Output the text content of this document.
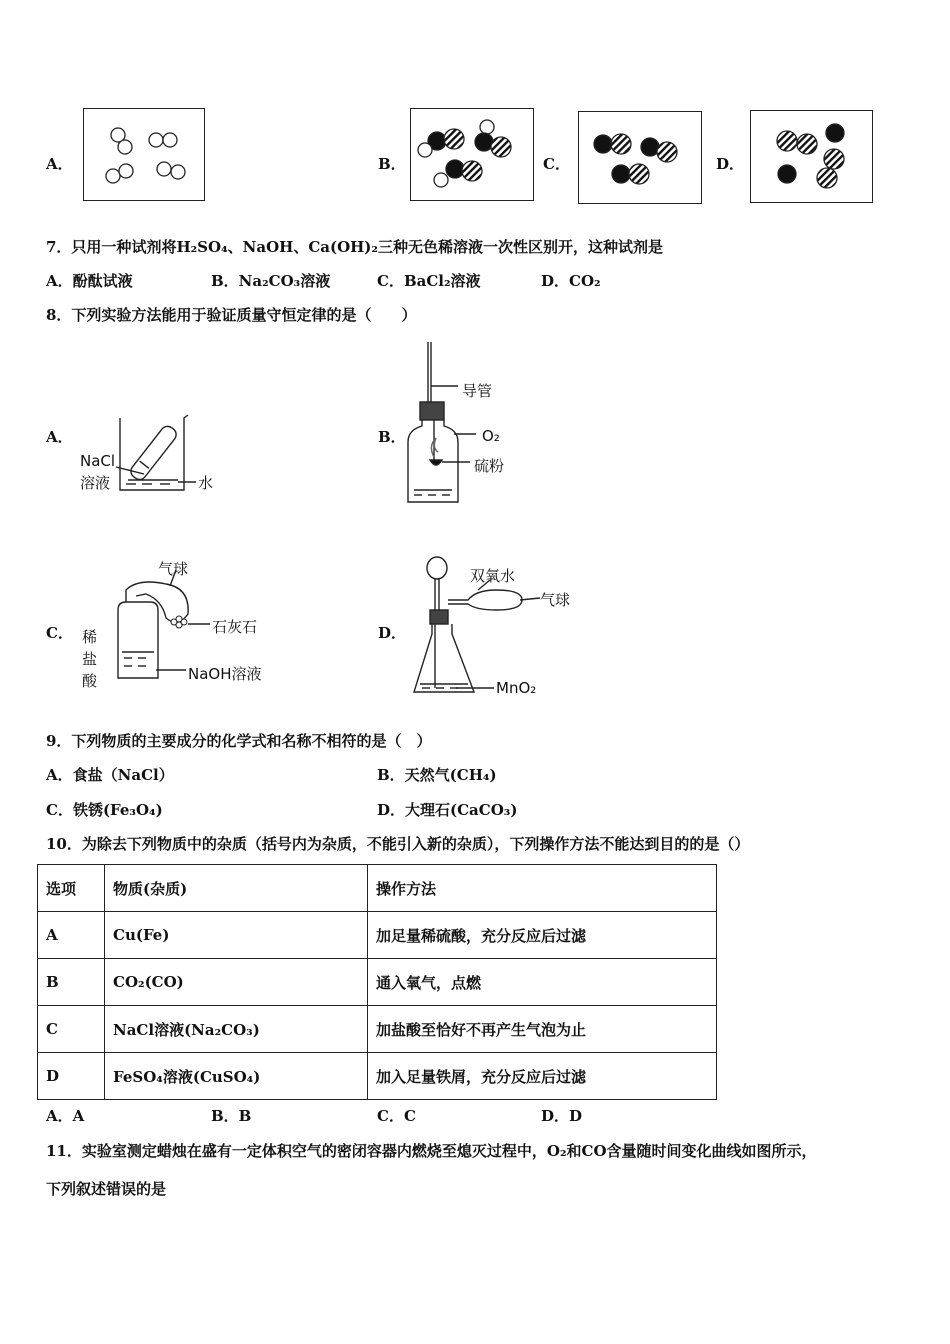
A．	B．	C．	D．
7．只用一种试剂将H₂SO₄、NaOH、Ca(OH)₂三种无色稀溶液一次性区别开，这种试剂是
A．酚酞试液	B．Na₂CO₃溶液	C．BaCl₂溶液	D．CO₂
8．下列实验方法能用于验证质量守恒定律的是（　　）
A．
NaCl
溶液	水
B．
导管
O₂
硫粉
C．
气球
石灰石
NaOH溶液
稀
盐
酸
D．
双氧水
气球
MnO₂
9．下列物质的主要成分的化学式和名称不相符的是（　）
A．食盐（NaCl）	B．天然气(CH₄)
C．铁锈(Fe₃O₄)	D．大理石(CaCO₃)
10．为除去下列物质中的杂质（括号内为杂质，不能引入新的杂质），下列操作方法不能达到目的的是（）
选项	物质(杂质)	操作方法
A	Cu(Fe)	加足量稀硫酸，充分反应后过滤
B	CO₂(CO)	通入氧气，点燃
C	NaCl溶液(Na₂CO₃)	加盐酸至恰好不再产生气泡为止
D	FeSO₄溶液(CuSO₄)	加入足量铁屑，充分反应后过滤
A．A	B．B	C．C	D．D
11．实验室测定蜡烛在盛有一定体积空气的密闭容器内燃烧至熄灭过程中，O₂和CO含量随时间变化曲线如图所示，
下列叙述错误的是
